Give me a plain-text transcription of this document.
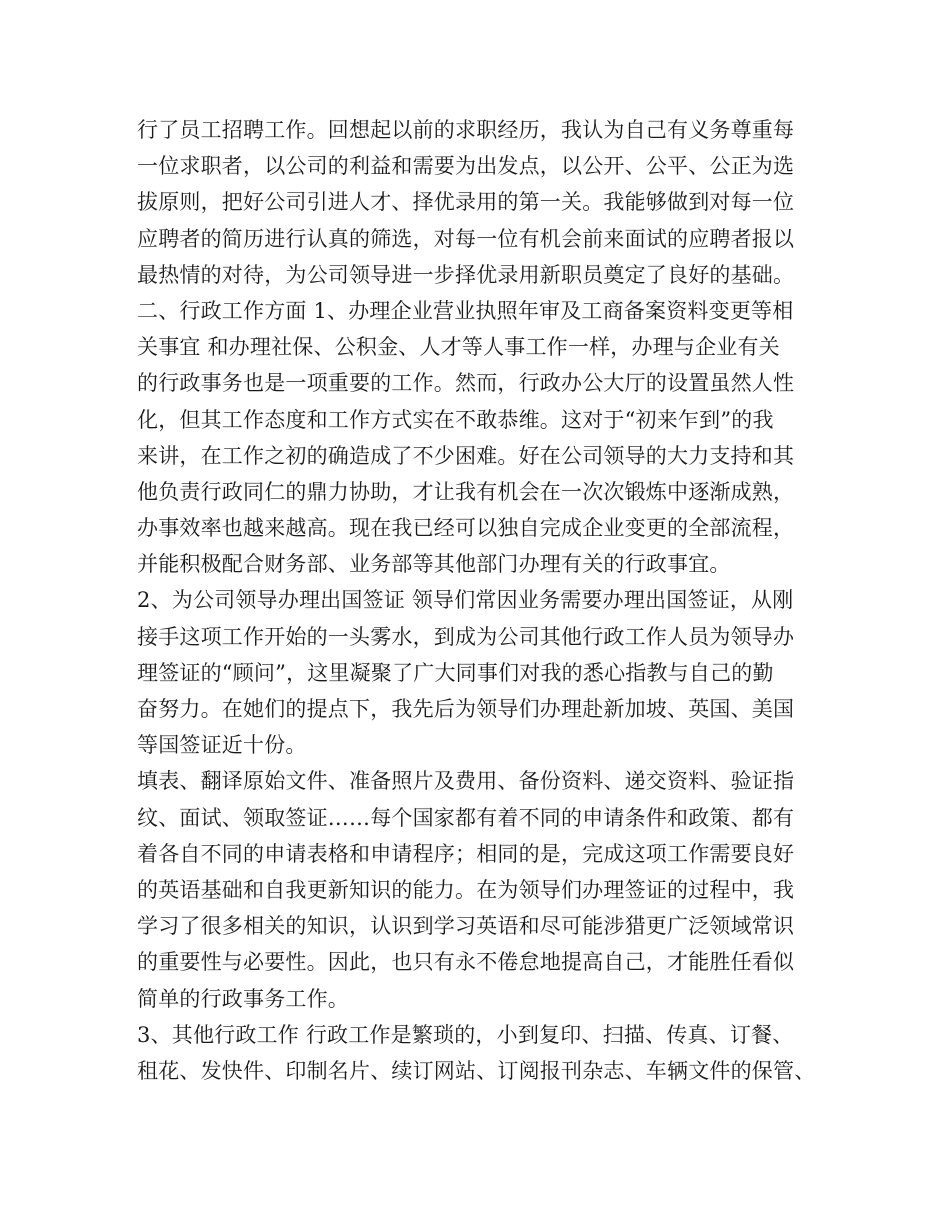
行了员工招聘工作。回想起以前的求职经历，我认为自己有义务尊重每
一位求职者，以公司的利益和需要为出发点，以公开、公平、公正为选
拔原则，把好公司引进人才、择优录用的第一关。我能够做到对每一位
应聘者的简历进行认真的筛选，对每一位有机会前来面试的应聘者报以
最热情的对待，为公司领导进一步择优录用新职员奠定了良好的基础。
二、行政工作方面 1、办理企业营业执照年审及工商备案资料变更等相
关事宜 和办理社保、公积金、人才等人事工作一样，办理与企业有关
的行政事务也是一项重要的工作。然而，行政办公大厅的设置虽然人性
化，但其工作态度和工作方式实在不敢恭维。这对于“初来乍到”的我
来讲，在工作之初的确造成了不少困难。好在公司领导的大力支持和其
他负责行政同仁的鼎力协助，才让我有机会在一次次锻炼中逐渐成熟，
办事效率也越来越高。现在我已经可以独自完成企业变更的全部流程，
并能积极配合财务部、业务部等其他部门办理有关的行政事宜。
2、为公司领导办理出国签证 领导们常因业务需要办理出国签证，从刚
接手这项工作开始的一头雾水，到成为公司其他行政工作人员为领导办
理签证的“顾问”，这里凝聚了广大同事们对我的悉心指教与自己的勤
奋努力。在她们的提点下，我先后为领导们办理赴新加坡、英国、美国
等国签证近十份。
填表、翻译原始文件、准备照片及费用、备份资料、递交资料、验证指
纹、面试、领取签证……每个国家都有着不同的申请条件和政策、都有
着各自不同的申请表格和申请程序；相同的是，完成这项工作需要良好
的英语基础和自我更新知识的能力。在为领导们办理签证的过程中，我
学习了很多相关的知识，认识到学习英语和尽可能涉猎更广泛领域常识
的重要性与必要性。因此，也只有永不倦怠地提高自己，才能胜任看似
简单的行政事务工作。
3、其他行政工作 行政工作是繁琐的，小到复印、扫描、传真、订餐、
租花、发快件、印制名片、续订网站、订阅报刊杂志、车辆文件的保管、
